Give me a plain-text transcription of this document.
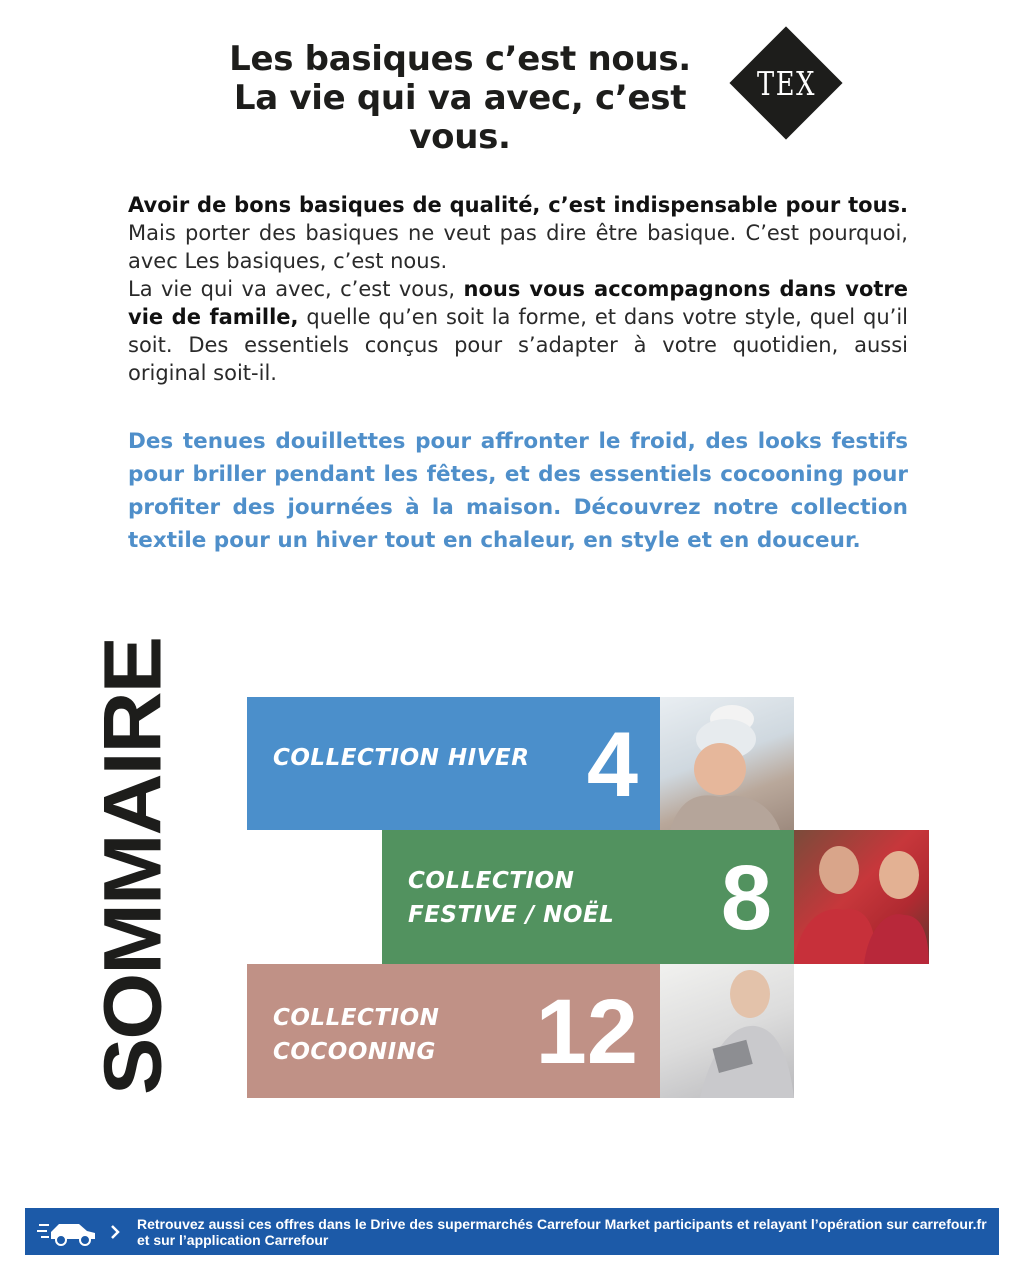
Les basiques c’est nous.
La vie qui va avec, c’est vous.
TEX

Avoir de bons basiques de qualité, c’est indispensable pour tous. Mais porter des basiques ne veut pas dire être basique. C’est pourquoi, avec Les basiques, c’est nous.

La vie qui va avec, c’est vous, nous vous accompagnons dans votre vie de famille, quelle qu’en soit la forme, et dans votre style, quel qu’il soit. Des essentiels conçus pour s’adapter à votre quotidien, aussi original soit-il.

Des tenues douillettes pour affronter le froid, des looks festifs pour briller pendant les fêtes, et des essentiels cocooning pour profiter des journées à la maison. Découvrez notre collection textile pour un hiver tout en chaleur, en style et en douceur.
SOMMAIRE	COLLECTION HIVER 4
COLLECTION
FESTIVE / NOËL 8
COLLECTION
COCOONING 12
Retrouvez aussi ces offres dans le Drive des supermarchés Carrefour Market participants et relayant l’opération sur carrefour.fr et sur l’application Carrefour
